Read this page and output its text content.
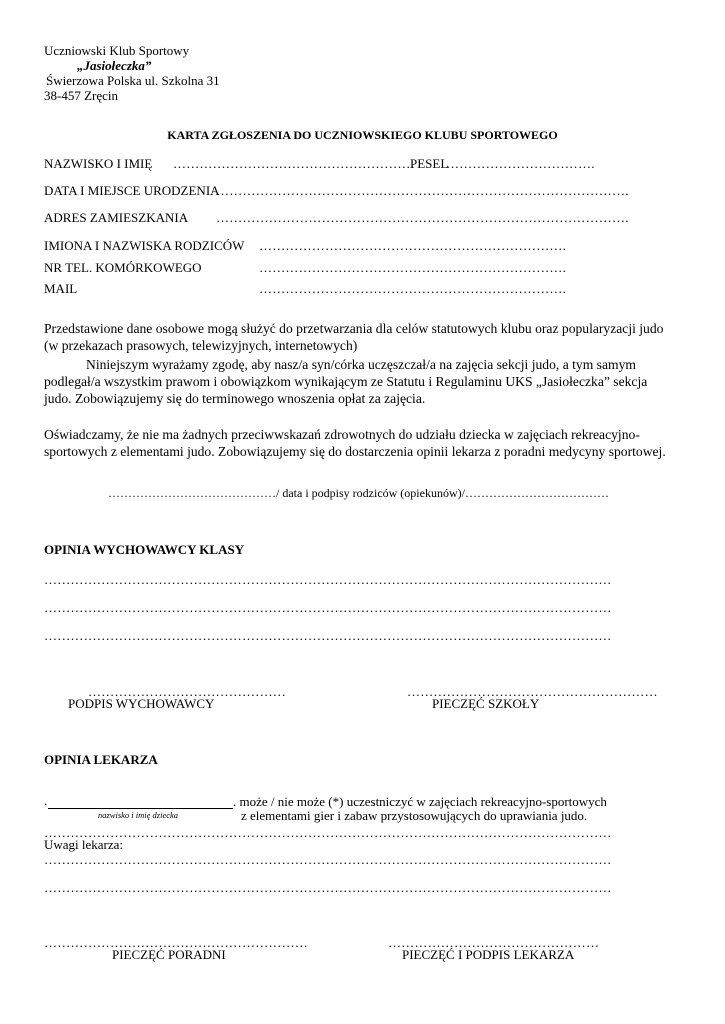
Uczniowski Klub Sportowy
„Jasiołeczka”
Świerzowa Polska ul. Szkolna 31
38-457 Zręcin
KARTA ZGŁOSZENIA DO UCZNIOWSKIEGO KLUBU SPORTOWEGO
NAZWISKO I IMIĘ ……………………………………………….
PESEL
…………………………….
DATA I MIEJSCE URODZENIA
………………………………………………………………………………….
ADRES ZAMIESZKANIA ………………………………………………………………………………….
IMIONA I NAZWISKA RODZICÓW …………………………………………………………….
NR TEL. KOMÓRKOWEGO	…………………………………………………………….
MAIL	…………………………………………………………….
Przedstawione dane osobowe mogą służyć do przetwarzania dla celów statutowych klubu oraz popularyzacji judo (w przekazach prasowych, telewizyjnych, internetowych)
Niniejszym wyrażamy zgodę, aby nasz/a syn/córka uczęszczał/a na zajęcia sekcji judo, a tym samym podlegał/a wszystkim prawom i obowiązkom wynikającym ze Statutu i Regulaminu UKS „Jasiołeczka” sekcja judo. Zobowiązujemy się do terminowego wnoszenia opłat za zajęcia.
Oświadczamy, że nie ma żadnych przeciwwskazań zdrowotnych do udziału dziecka w zajęciach rekreacyjno-sportowych z elementami judo. Zobowiązujemy się do dostarczenia opinii lekarza z poradni medycyny sportowej.
……………………………………/ data i podpisy rodziców (opiekunów)/………………………………
OPINIA WYCHOWAWCY KLASY
…………………………………………………………………………………………………………………
…………………………………………………………………………………………………………………
…………………………………………………………………………………………………………………
………………………………………
PODPIS WYCHOWAWCY
…………………………………………………
PIECZĘĆ SZKOŁY
OPINIA LEKARZA
.
nazwisko i imię dziecka
. może / nie może (*) uczestniczyć w zajęciach rekreacyjno-sportowych
z elementami gier i zabaw przystosowujących do uprawiania judo.
…………………………………………………………………………………………………………………
Uwagi lekarza:
…………………………………………………………………………………………………………………
…………………………………………………………………………………………………………………
……………………………………………………
PIECZĘĆ PORADNI
…………………………………………
PIECZĘĆ I PODPIS LEKARZA
